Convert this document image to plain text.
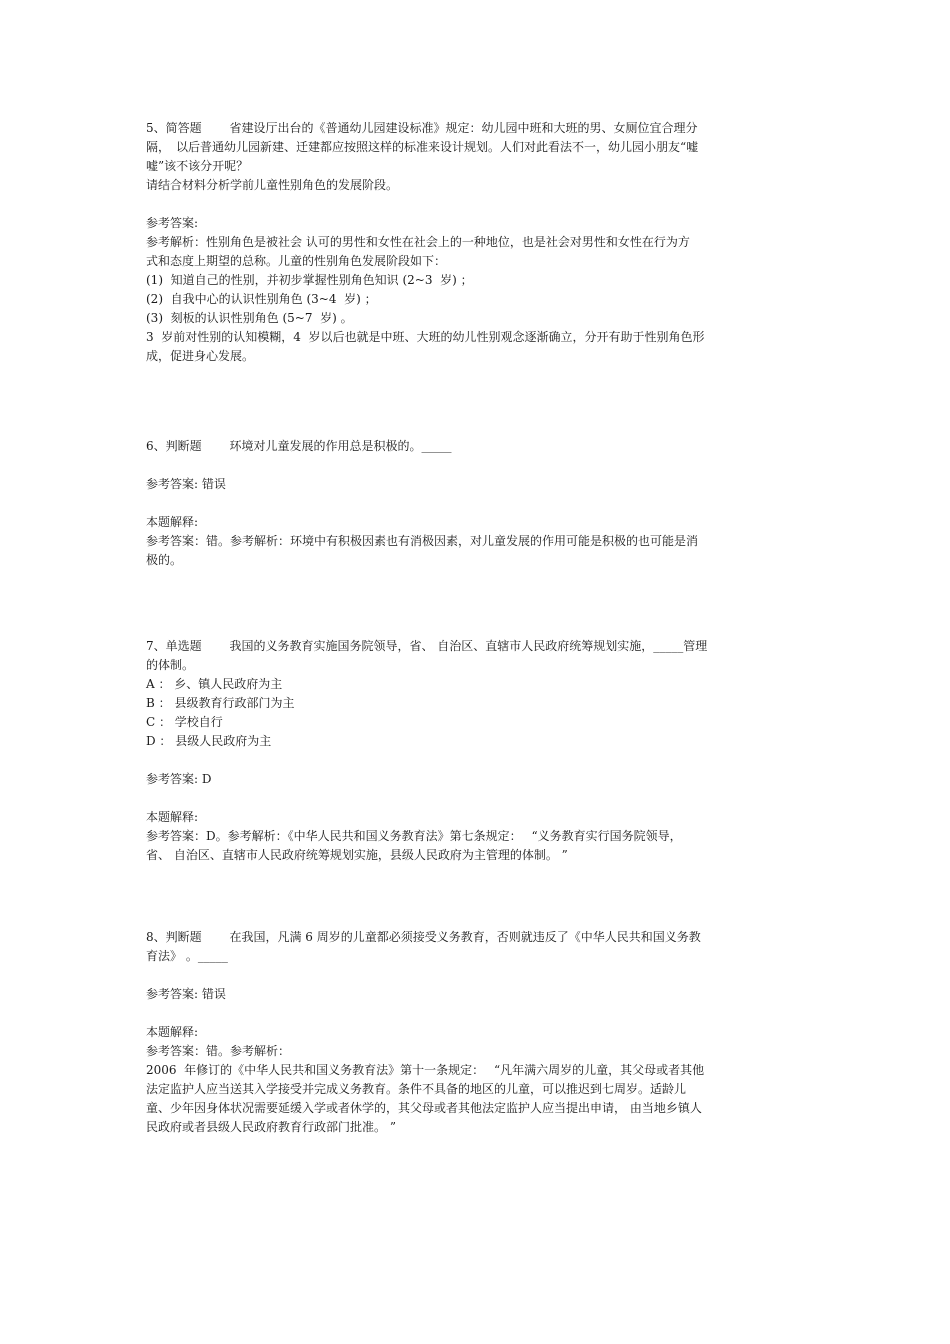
5、简答题　　 省建设厅出台的《普通幼儿园建设标准》规定：幼儿园中班和大班的男、女厕位宜合理分
隔，　以后普通幼儿园新建、迁建都应按照这样的标准来设计规划。人们对此看法不一，幼儿园小朋友“嘘
嘘”该不该分开呢？
请结合材料分析学前儿童性别角色的发展阶段。
参考答案:
参考解析：性别角色是被社会 认可的男性和女性在社会上的一种地位，也是社会对男性和女性在行为方
式和态度上期望的总称。儿童的性别角色发展阶段如下：
(1)  知道自己的性别，并初步掌握性别角色知识 (2~3  岁) ；
(2)  自我中心的认识性别角色 (3~4  岁) ；
(3)  刻板的认识性别角色 (5~7  岁) 。
3  岁前对性别的认知模糊，4  岁以后也就是中班、大班的幼儿性别观念逐渐确立，分开有助于性别角色形
成，促进身心发展。
6、判断题　　 环境对儿童发展的作用总是积极的。_____
参考答案: 错误
本题解释:
参考答案：错。参考解析：环境中有积极因素也有消极因素，对儿童发展的作用可能是积极的也可能是消
极的。
7、单选题　　 我国的义务教育实施国务院领导，省、 自治区、直辖市人民政府统筹规划实施，_____管理
的体制。
A ： 乡、镇人民政府为主
B ： 县级教育行政部门为主
C ： 学校自行
D ： 县级人民政府为主
参考答案: D
本题解释:
参考答案：D。参考解析：《中华人民共和国义务教育法》第七条规定：　 “义务教育实行国务院领导，
省、 自治区、直辖市人民政府统筹规划实施，县级人民政府为主管理的体制。 ”
8、判断题　　 在我国，凡满 6 周岁的儿童都必须接受义务教育，否则就违反了《中华人民共和国义务教
育法》 。_____
参考答案: 错误
本题解释:
参考答案：错。参考解析：
2006  年修订的《中华人民共和国义务教育法》第十一条规定：　 “凡年满六周岁的儿童，其父母或者其他
法定监护人应当送其入学接受并完成义务教育。条件不具备的地区的儿童，可以推迟到七周岁。适龄儿
童、少年因身体状况需要延缓入学或者休学的，其父母或者其他法定监护人应当提出申请， 由当地乡镇人
民政府或者县级人民政府教育行政部门批准。 ”
